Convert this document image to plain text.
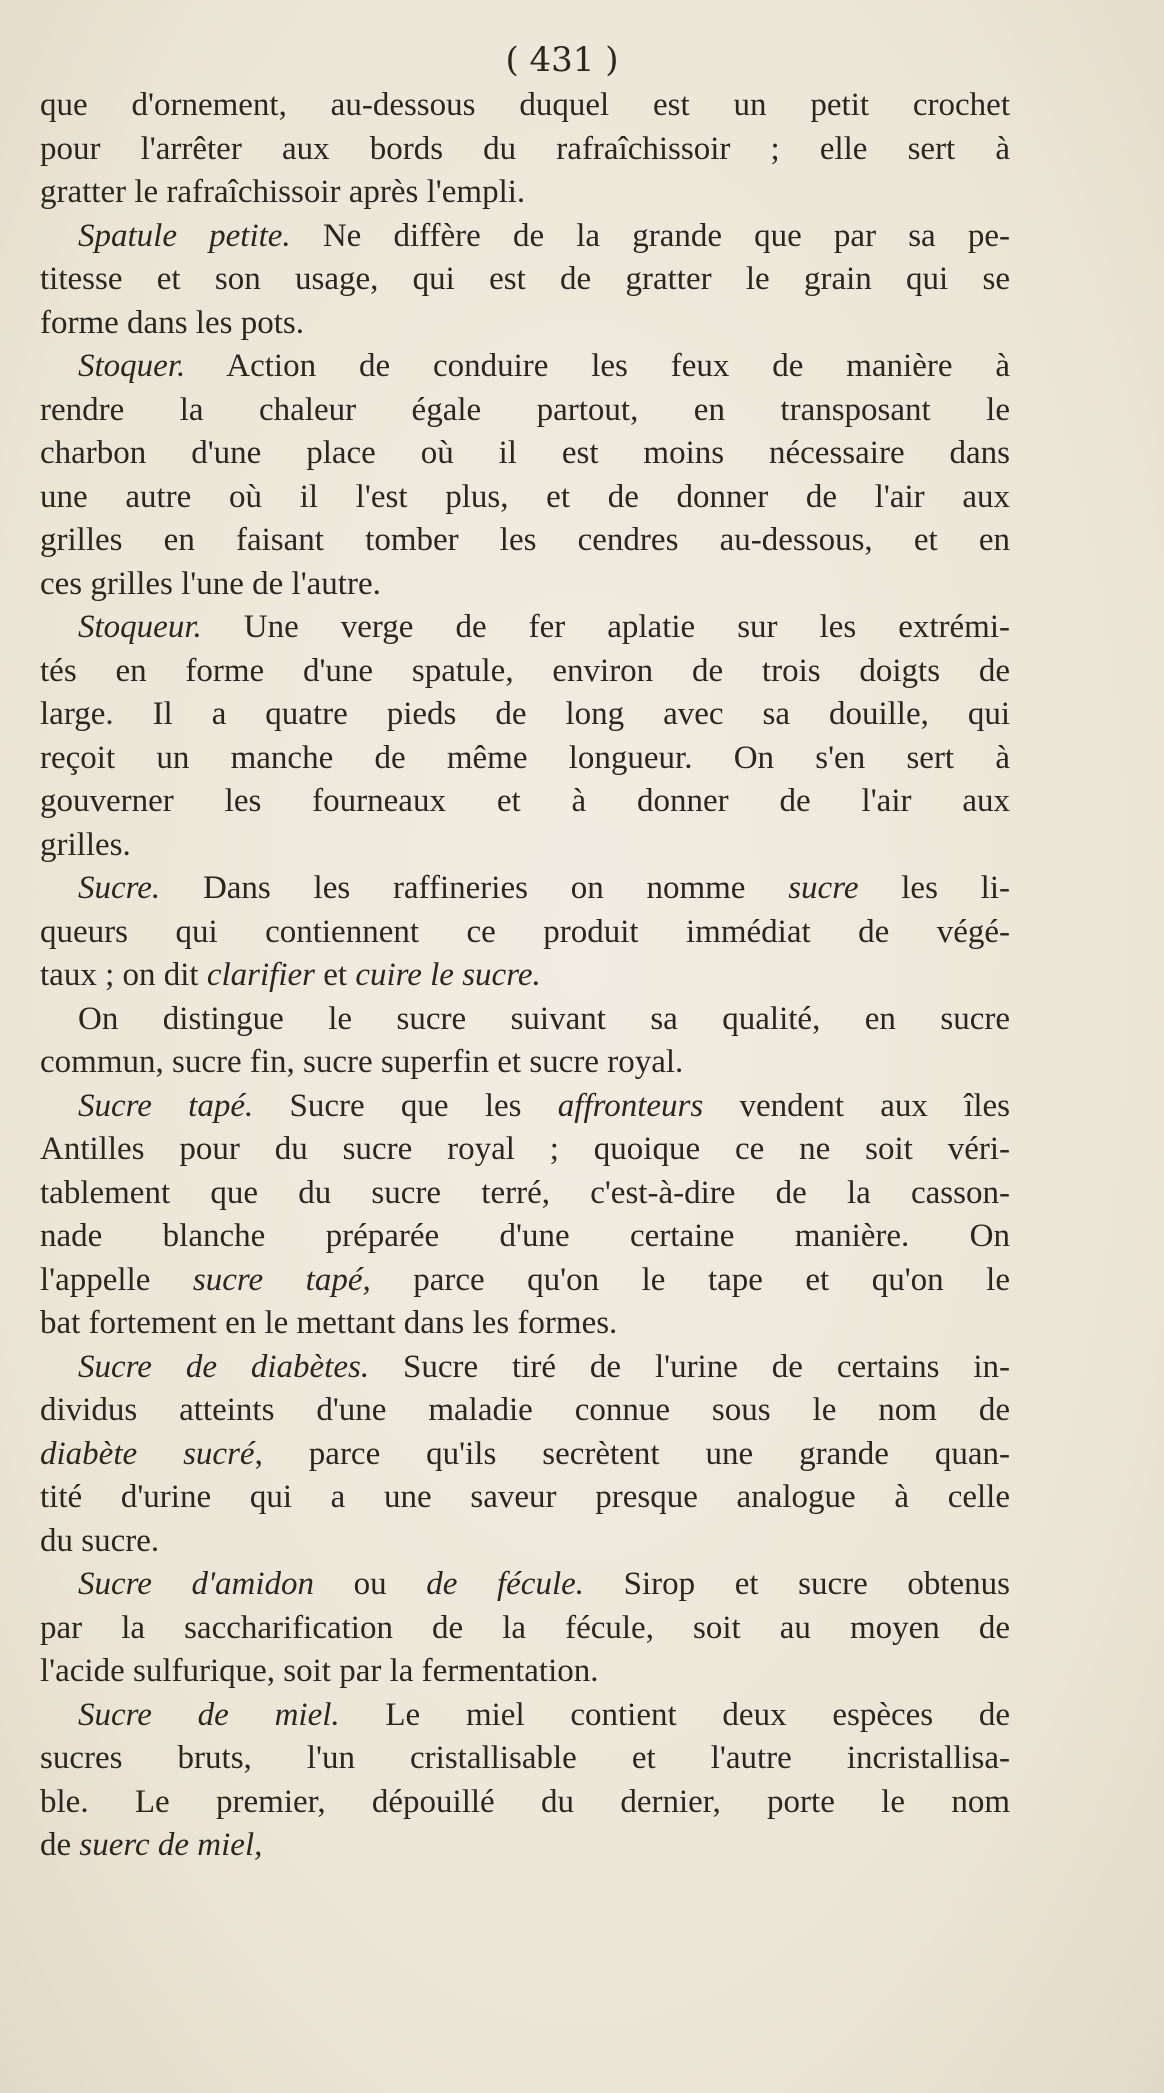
( 431 )
que d'ornement, au-dessous duquel est un petit crochet
pour l'arrêter aux bords du rafraîchissoir ; elle sert à
gratter le rafraîchissoir après l'empli.
Spatule petite. Ne diffère de la grande que par sa pe-
titesse et son usage, qui est de gratter le grain qui se
forme dans les pots.
Stoquer. Action de conduire les feux de manière à
rendre la chaleur égale partout, en transposant le
charbon d'une place où il est moins nécessaire dans
une autre où il l'est plus, et de donner de l'air aux
grilles en faisant tomber les cendres au-dessous, et en
ces grilles l'une de l'autre.
Stoqueur. Une verge de fer aplatie sur les extrémi-
tés en forme d'une spatule, environ de trois doigts de
large. Il a quatre pieds de long avec sa douille, qui
reçoit un manche de même longueur. On s'en sert à
gouverner les fourneaux et à donner de l'air aux
grilles.
Sucre. Dans les raffineries on nomme sucre les li-
queurs qui contiennent ce produit immédiat de végé-
taux ; on dit clarifier et cuire le sucre.
On distingue le sucre suivant sa qualité, en sucre
commun, sucre fin, sucre superfin et sucre royal.
Sucre tapé. Sucre que les affronteurs vendent aux îles
Antilles pour du sucre royal ; quoique ce ne soit véri-
tablement que du sucre terré, c'est-à-dire de la casson-
nade blanche préparée d'une certaine manière. On
l'appelle sucre tapé, parce qu'on le tape et qu'on le
bat fortement en le mettant dans les formes.
Sucre de diabètes. Sucre tiré de l'urine de certains in-
dividus atteints d'une maladie connue sous le nom de
diabète sucré, parce qu'ils secrètent une grande quan-
tité d'urine qui a une saveur presque analogue à celle
du sucre.
Sucre d'amidon ou de fécule. Sirop et sucre obtenus
par la saccharification de la fécule, soit au moyen de
l'acide sulfurique, soit par la fermentation.
Sucre de miel. Le miel contient deux espèces de
sucres bruts, l'un cristallisable et l'autre incristallisa-
ble. Le premier, dépouillé du dernier, porte le nom
de suerc de miel,
